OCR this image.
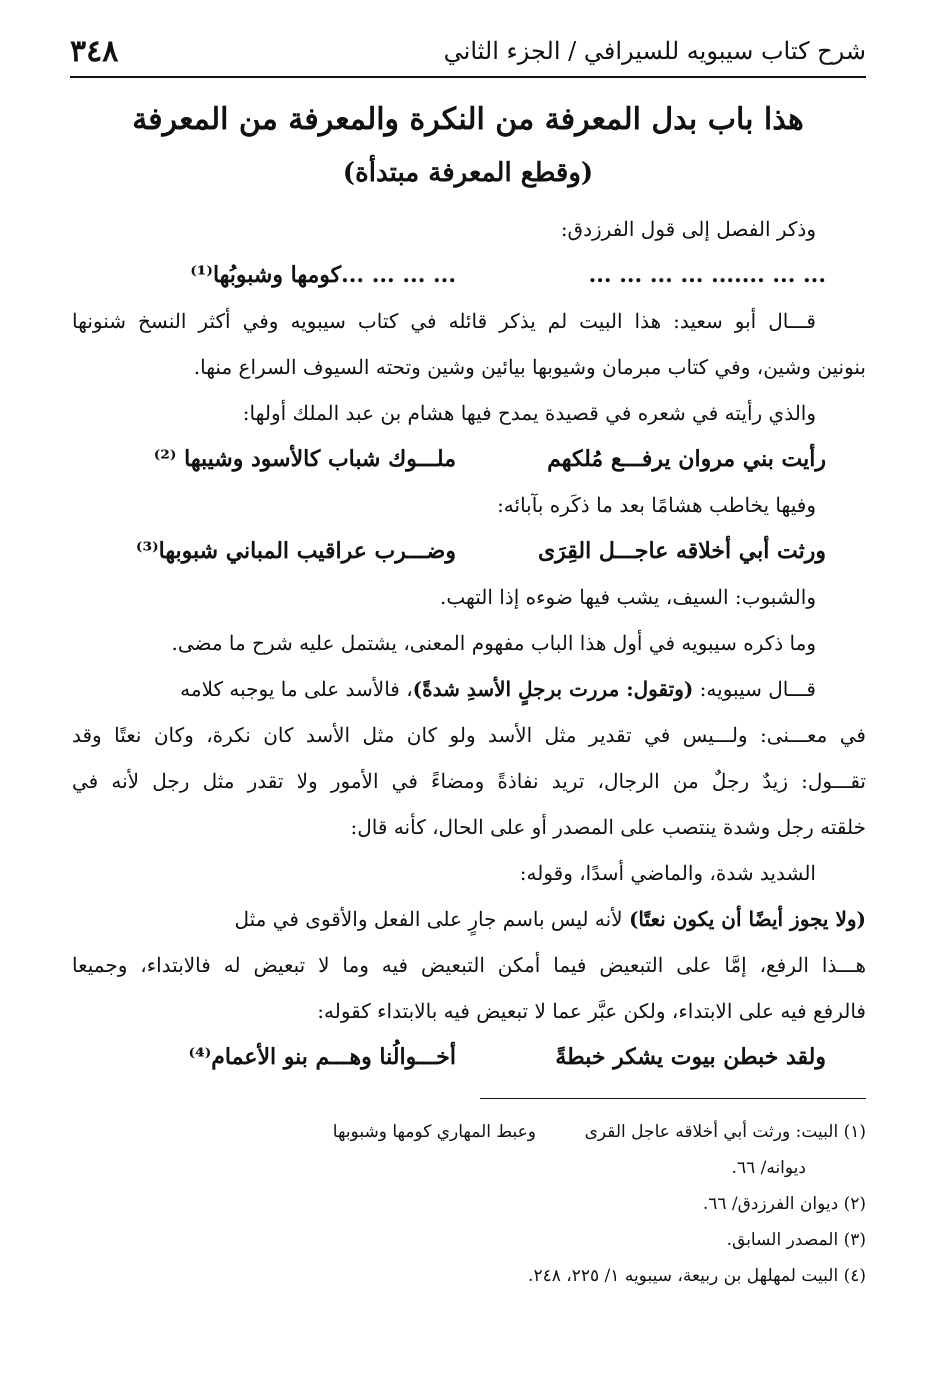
شرح كتاب سيبويه للسيرافي / الجزء الثاني
٣٤٨
هذا باب بدل المعرفة من النكرة والمعرفة من المعرفة
(وقطع المعرفة مبتدأة)
وذكر الفصل إلى قول الفرزدق:
... ... ....... ... ... ... ...
... ... ... ...كومها وشبوبُها⁽¹⁾
قـــال أبو سعيد: هذا البيت لم يذكر قائله في كتاب سيبويه وفي أكثر النسخ شنونها
بنونين وشين، وفي كتاب مبرمان وشيوبها بيائين وشين وتحته السيوف السراع منها.
والذي رأيته في شعره في قصيدة يمدح فيها هشام بن عبد الملك أولها:
رأيت بني مروان يرفـــع مُلكهم
ملـــوك شباب كالأسود وشيبها ⁽²⁾
وفيها يخاطب هشامًا بعد ما ذكَره بآبائه:
ورثت أبي أخلاقه عاجـــل القِرَى
وضـــرب عراقيب المباني شبوبها⁽³⁾
والشبوب: السيف، يشب فيها ضوءه إذا التهب.
وما ذكره سيبويه في أول هذا الباب مفهوم المعنى، يشتمل عليه شرح ما مضى.
قـــال سيبويه: (وتقول: مررت برجلٍ الأسدِ شدةً)، فالأسد على ما يوجبه كلامه
في معـــنى: ولـــيس في تقدير مثل الأسد ولو كان مثل الأسد كان نكرة، وكان نعتًا وقد
تقـــول: زيدٌ رجلٌ من الرجال، تريد نفاذةً ومضاءً في الأمور ولا تقدر مثل رجل لأنه في
خلقته رجل وشدة ينتصب على المصدر أو على الحال، كأنه قال:
الشديد شدة، والماضي أسدًا، وقوله:
(ولا يجوز أيضًا أن يكون نعتًا) لأنه ليس باسم جارٍ على الفعل والأقوى في مثل
هـــذا الرفع، إمَّا على التبعيض فيما أمكن التبعيض فيه وما لا تبعيض له فالابتداء، وجميعا
فالرفع فيه على الابتداء، ولكن عبَّر عما لا تبعيض فيه بالابتداء كقوله:
ولقد خبطن بيوت يشكر خبطةً
أخـــوالُنا وهـــم بنو الأعمام⁽⁴⁾
(١) البيت: ورثت أبي أخلاقه عاجل القرى
وعبط المهاري كومها وشبوبها
ديوانه/ ٦٦.
(٢) ديوان الفرزدق/ ٦٦.
(٣) المصدر السابق.
(٤) البيت لمهلهل بن ربيعة، سيبويه ١/ ٢٢٥، ٢٤٨.
